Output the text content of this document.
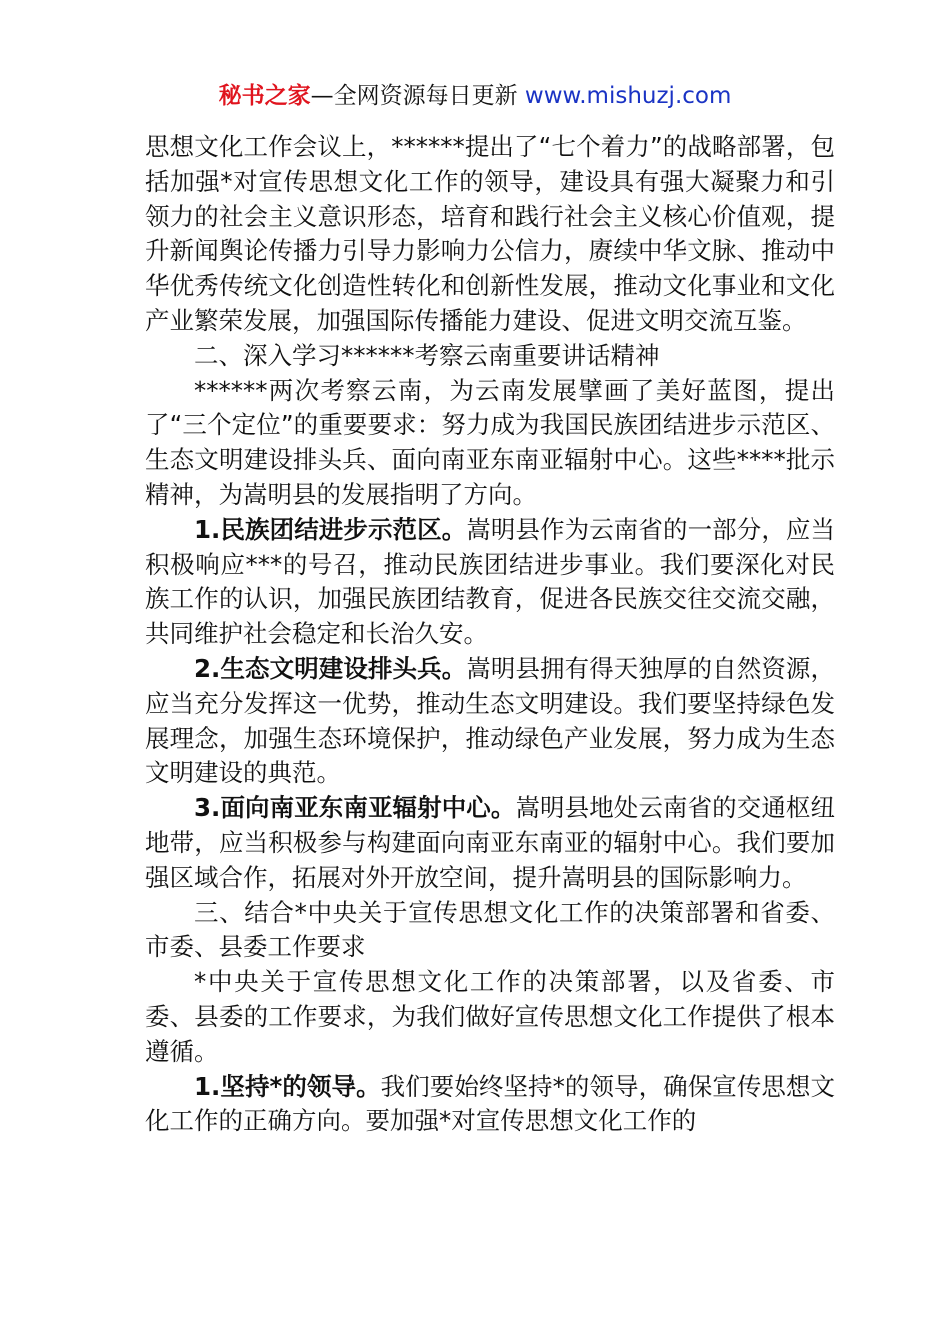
秘书之家—全网资源每日更新 www.mishuzj.com

思想文化工作会议上，******提出了“七个着力”的战略部署，包括加强*对宣传思想文化工作的领导，建设具有强大凝聚力和引领力的社会主义意识形态，培育和践行社会主义核心价值观，提升新闻舆论传播力引导力影响力公信力，赓续中华文脉、推动中华优秀传统文化创造性转化和创新性发展，推动文化事业和文化产业繁荣发展，加强国际传播能力建设、促进文明交流互鉴。

二、深入学习******考察云南重要讲话精神

******两次考察云南，为云南发展擘画了美好蓝图，提出了“三个定位”的重要要求：努力成为我国民族团结进步示范区、生态文明建设排头兵、面向南亚东南亚辐射中心。这些****批示精神，为嵩明县的发展指明了方向。

1.民族团结进步示范区。嵩明县作为云南省的一部分，应当积极响应***的号召，推动民族团结进步事业。我们要深化对民族工作的认识，加强民族团结教育，促进各民族交往交流交融，共同维护社会稳定和长治久安。

2.生态文明建设排头兵。嵩明县拥有得天独厚的自然资源，应当充分发挥这一优势，推动生态文明建设。我们要坚持绿色发展理念，加强生态环境保护，推动绿色产业发展，努力成为生态文明建设的典范。

3.面向南亚东南亚辐射中心。嵩明县地处云南省的交通枢纽地带，应当积极参与构建面向南亚东南亚的辐射中心。我们要加强区域合作，拓展对外开放空间，提升嵩明县的国际影响力。

三、结合*中央关于宣传思想文化工作的决策部署和省委、市委、县委工作要求

*中央关于宣传思想文化工作的决策部署，以及省委、市委、县委的工作要求，为我们做好宣传思想文化工作提供了根本遵循。

1.坚持*的领导。我们要始终坚持*的领导，确保宣传思想文化工作的正确方向。要加强*对宣传思想文化工作的
